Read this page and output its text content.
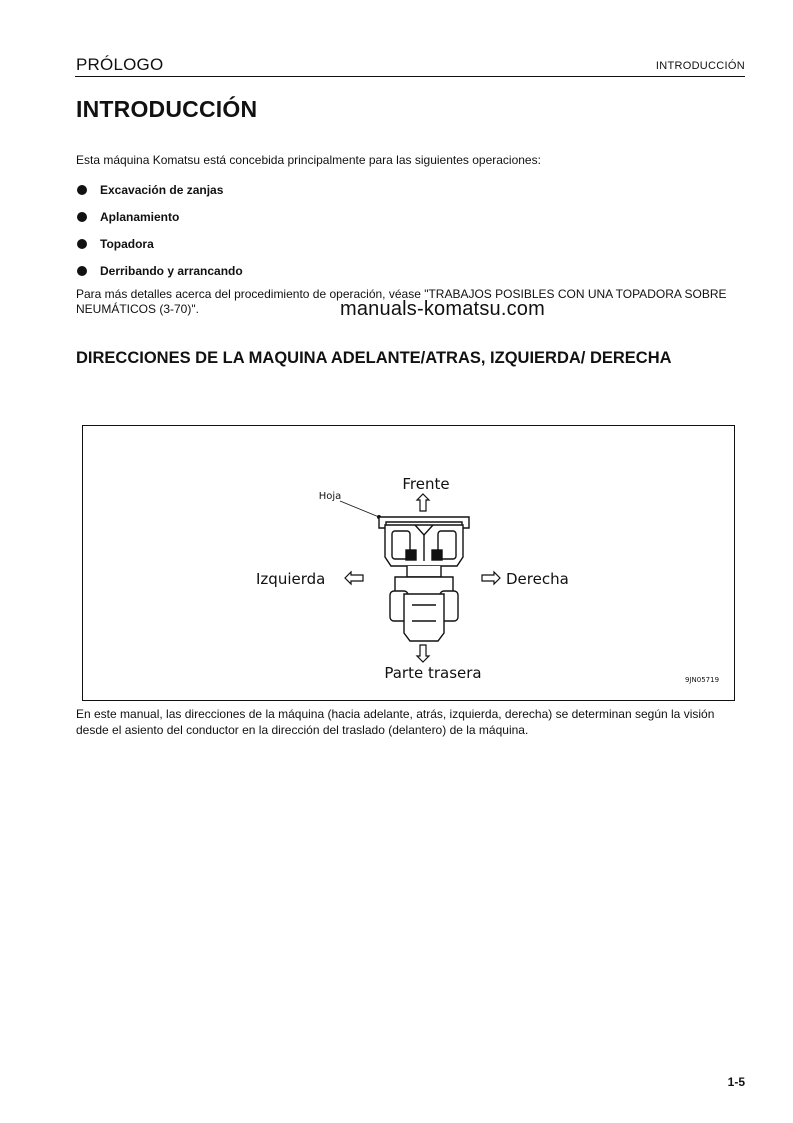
PRÓLOGO	INTRODUCCIÓN
INTRODUCCIÓN
Esta máquina Komatsu está concebida principalmente para las siguientes operaciones:
Excavación de zanjas
Aplanamiento
Topadora
Derribando y arrancando
Para más detalles acerca del procedimiento de operación, véase "TRABAJOS POSIBLES CON UNA TOPADORA SOBRE NEUMÁTICOS (3-70)".	manuals-komatsu.com
DIRECCIONES DE LA MAQUINA ADELANTE/ATRAS, IZQUIERDA/ DERECHA
Frente
Hoja
Izquierda	Derecha
Parte trasera	9JN05719
En este manual, las direcciones de la máquina (hacia adelante, atrás, izquierda, derecha) se determinan según la visión desde el asiento del conductor en la dirección del traslado (delantero) de la máquina.
1-5
